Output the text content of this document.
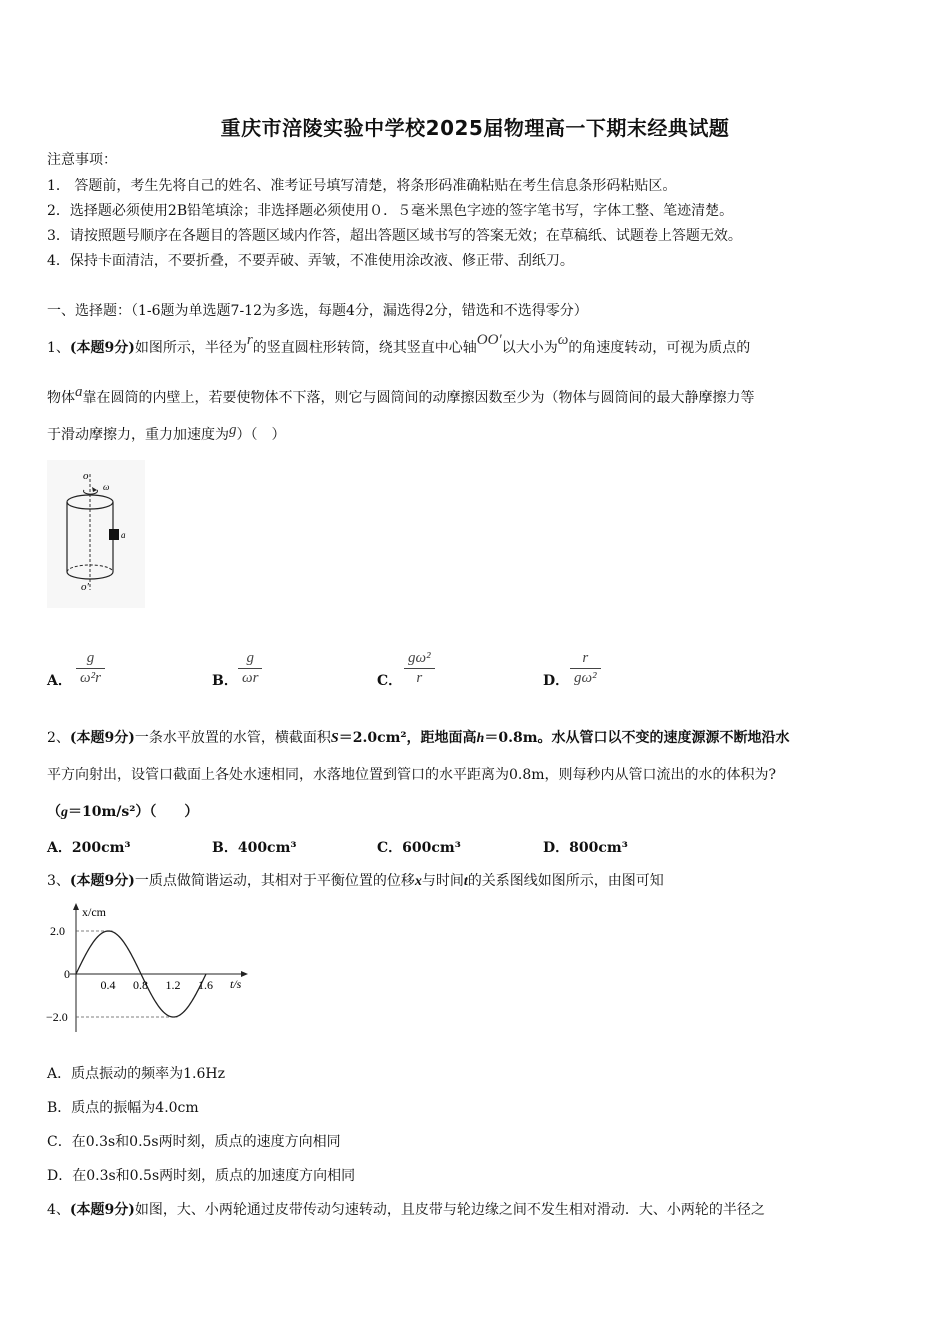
重庆市涪陵实验中学校2025届物理高一下期末经典试题
注意事项：
1． 答题前，考生先将自己的姓名、准考证号填写清楚，将条形码准确粘贴在考生信息条形码粘贴区。
2．选择题必须使用2B铅笔填涂；非选择题必须使用０．５毫米黑色字迹的签字笔书写，字体工整、笔迹清楚。
3．请按照题号顺序在各题目的答题区域内作答，超出答题区域书写的答案无效；在草稿纸、试题卷上答题无效。
4．保持卡面清洁，不要折叠，不要弄破、弄皱，不准使用涂改液、修正带、刮纸刀。
一、选择题：（1-6题为单选题7-12为多选，每题4分，漏选得2分，错选和不选得零分）
1、(本题9分)如图所示，半径为r的竖直圆柱形转筒，绕其竖直中心轴OO′以大小为ω的角速度转动，可视为质点的
物体a靠在圆筒的内壁上，若要使物体不下落，则它与圆筒间的动摩擦因数至少为（物体与圆筒间的最大静摩擦力等
于滑动摩擦力，重力加速度为g）（　）
o
ω
a
o′
A．
g
ω²r	B．
g
ωr	C．
gω²
r	D．
r
gω²
2、(本题9分)一条水平放置的水管，横截面积S＝2.0cm²，距地面高h＝0.8m。水从管口以不变的速度源源不断地沿水
平方向射出，设管口截面上各处水速相同，水落地位置到管口的水平距离为0.8m，则每秒内从管口流出的水的体积为?
（g＝10m/s²）（　　）
A．200cm³	B．400cm³	C．600cm³	D．800cm³
3、(本题9分)一质点做简谐运动，其相对于平衡位置的位移x与时间t的关系图线如图所示，由图可知
x/cm
t/s
0.4 0.8 1.2 1.6
2.0
0
−2.0
A．质点振动的频率为1.6Hz
B．质点的振幅为4.0cm
C．在0.3s和0.5s两时刻，质点的速度方向相同
D．在0.3s和0.5s两时刻，质点的加速度方向相同
4、(本题9分)如图，大、小两轮通过皮带传动匀速转动，且皮带与轮边缘之间不发生相对滑动．大、小两轮的半径之
